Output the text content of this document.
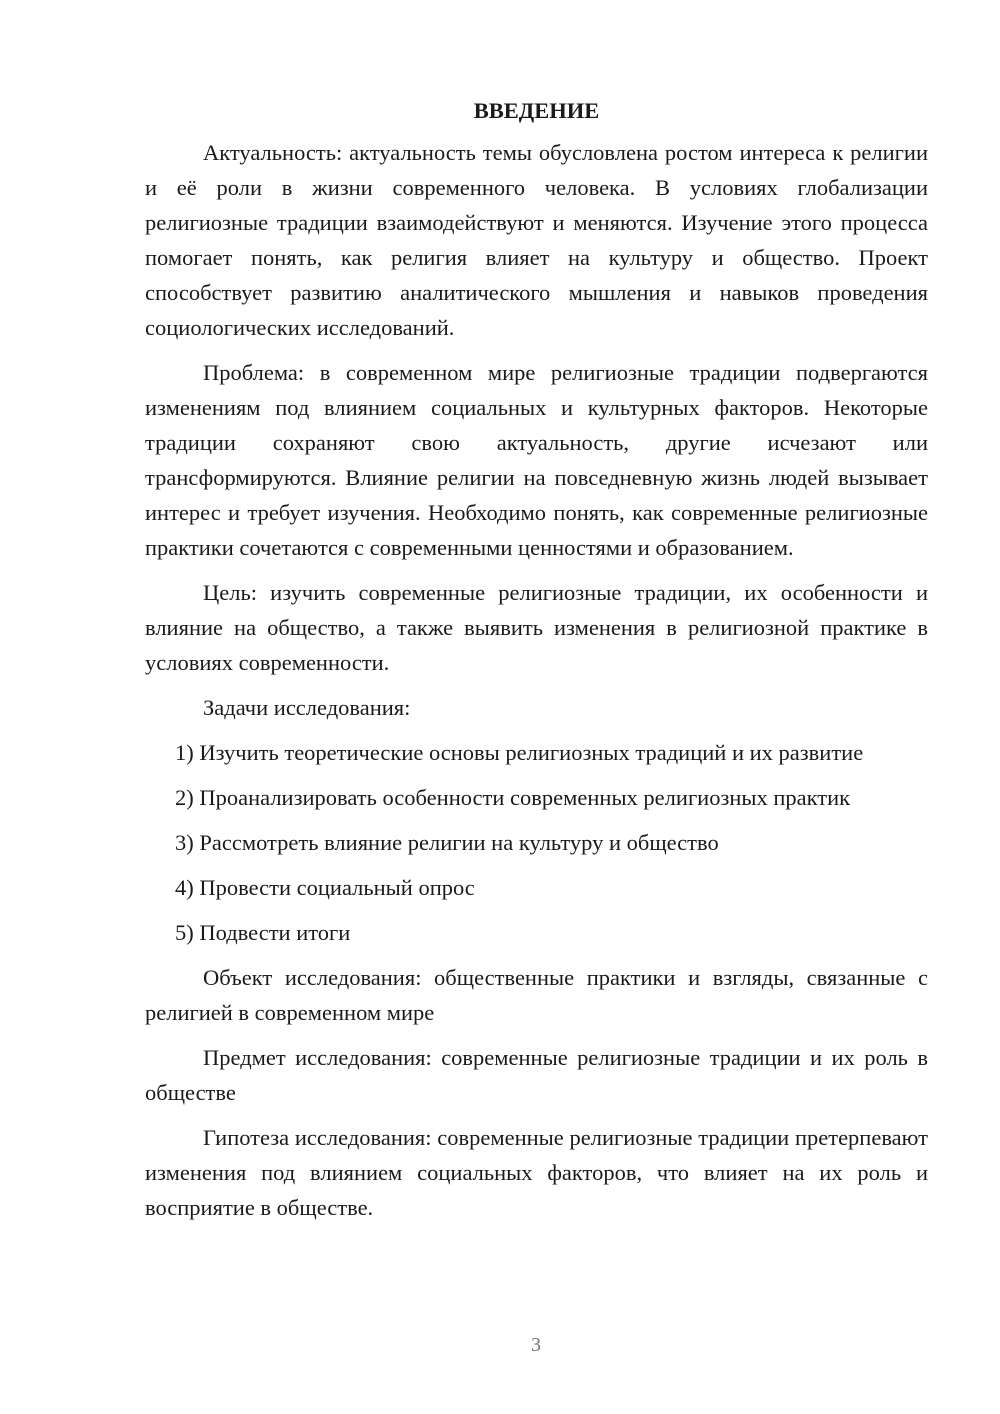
ВВЕДЕНИЕ

Актуальность: актуальность темы обусловлена ростом интереса к религии и её роли в жизни современного человека. В условиях глобализации религиозные традиции взаимодействуют и меняются. Изучение этого процесса помогает понять, как религия влияет на культуру и общество. Проект способствует развитию аналитического мышления и навыков проведения социологических исследований.

Проблема: в современном мире религиозные традиции подвергаются изменениям под влиянием социальных и культурных факторов. Некоторые традиции сохраняют свою актуальность, другие исчезают или трансформируются. Влияние религии на повседневную жизнь людей вызывает интерес и требует изучения. Необходимо понять, как современные религиозные практики сочетаются с современными ценностями и образованием.

Цель: изучить современные религиозные традиции, их особенности и влияние на общество, а также выявить изменения в религиозной практике в условиях современности.

Задачи исследования:

1) Изучить теоретические основы религиозных традиций и их развитие

2) Проанализировать особенности современных религиозных практик

3) Рассмотреть влияние религии на культуру и общество

4) Провести социальный опрос

5) Подвести итоги

Объект исследования: общественные практики и взгляды, связанные с религией в современном мире

Предмет исследования: современные религиозные традиции и их роль в обществе

Гипотеза исследования: современные религиозные традиции претерпевают изменения под влиянием социальных факторов, что влияет на их роль и восприятие в обществе.

3
